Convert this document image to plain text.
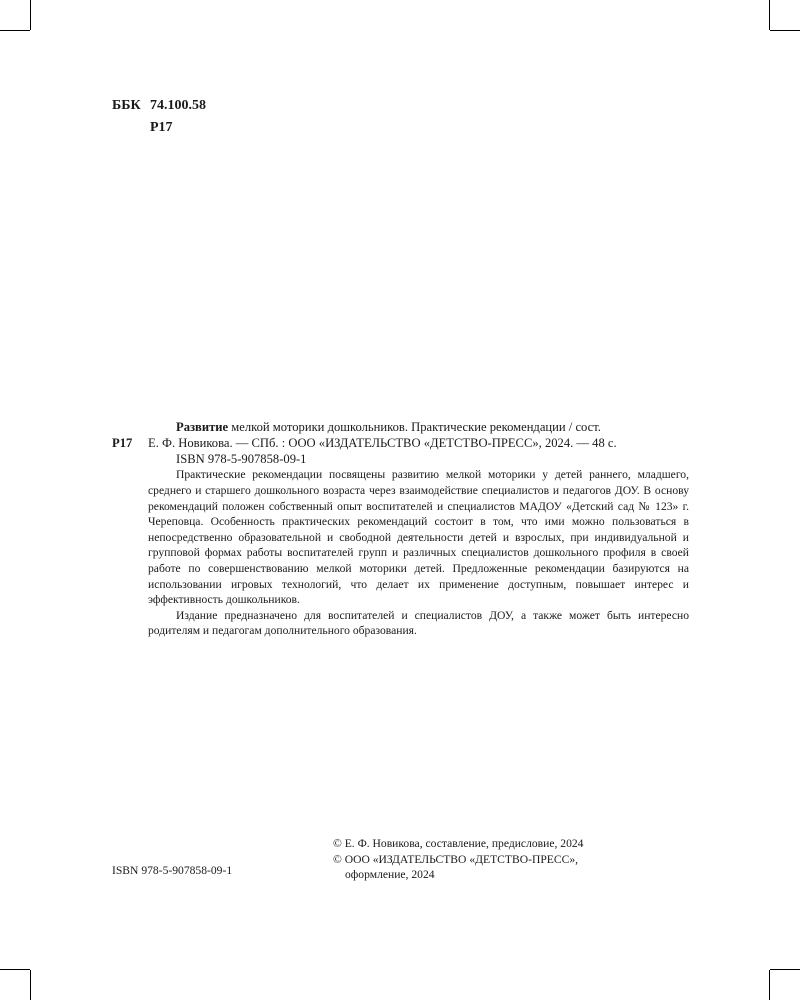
ББК 74.100.58
Р17
Р17

Развитие мелкой моторики дошкольников. Практические рекомендации / сост.

Е. Ф. Новикова. — СПб. : ООО «ИЗДАТЕЛЬСТВО «ДЕТСТВО-ПРЕСС», 2024. — 48 с.

ISBN 978-5-907858-09-1

Практические рекомендации посвящены развитию мелкой моторики у детей раннего, младшего, среднего и старшего дошкольного возраста через взаимодействие специалистов и педагогов ДОУ. В основу рекомендаций положен собственный опыт воспитателей и специалистов МАДОУ «Детский сад № 123» г. Череповца. Особенность практических рекомендаций состоит в том, что ими можно пользоваться в непосредственно образовательной и свободной деятельности детей и взрослых, при индивидуальной и групповой формах работы воспитателей групп и различных специалистов дошкольного профиля в своей работе по совершенствованию мелкой моторики детей. Предложенные рекомендации базируются на использовании игровых технологий, что делает их применение доступным, повышает интерес и эффективность дошкольников.

Издание предназначено для воспитателей и специалистов ДОУ, а также может быть интересно родителям и педагогам дополнительного образования.

© Е. Ф. Новикова, составление, предисловие, 2024
© ООО «ИЗДАТЕЛЬСТВО «ДЕТСТВО-ПРЕСС»,
оформление, 2024
ISBN 978-5-907858-09-1
